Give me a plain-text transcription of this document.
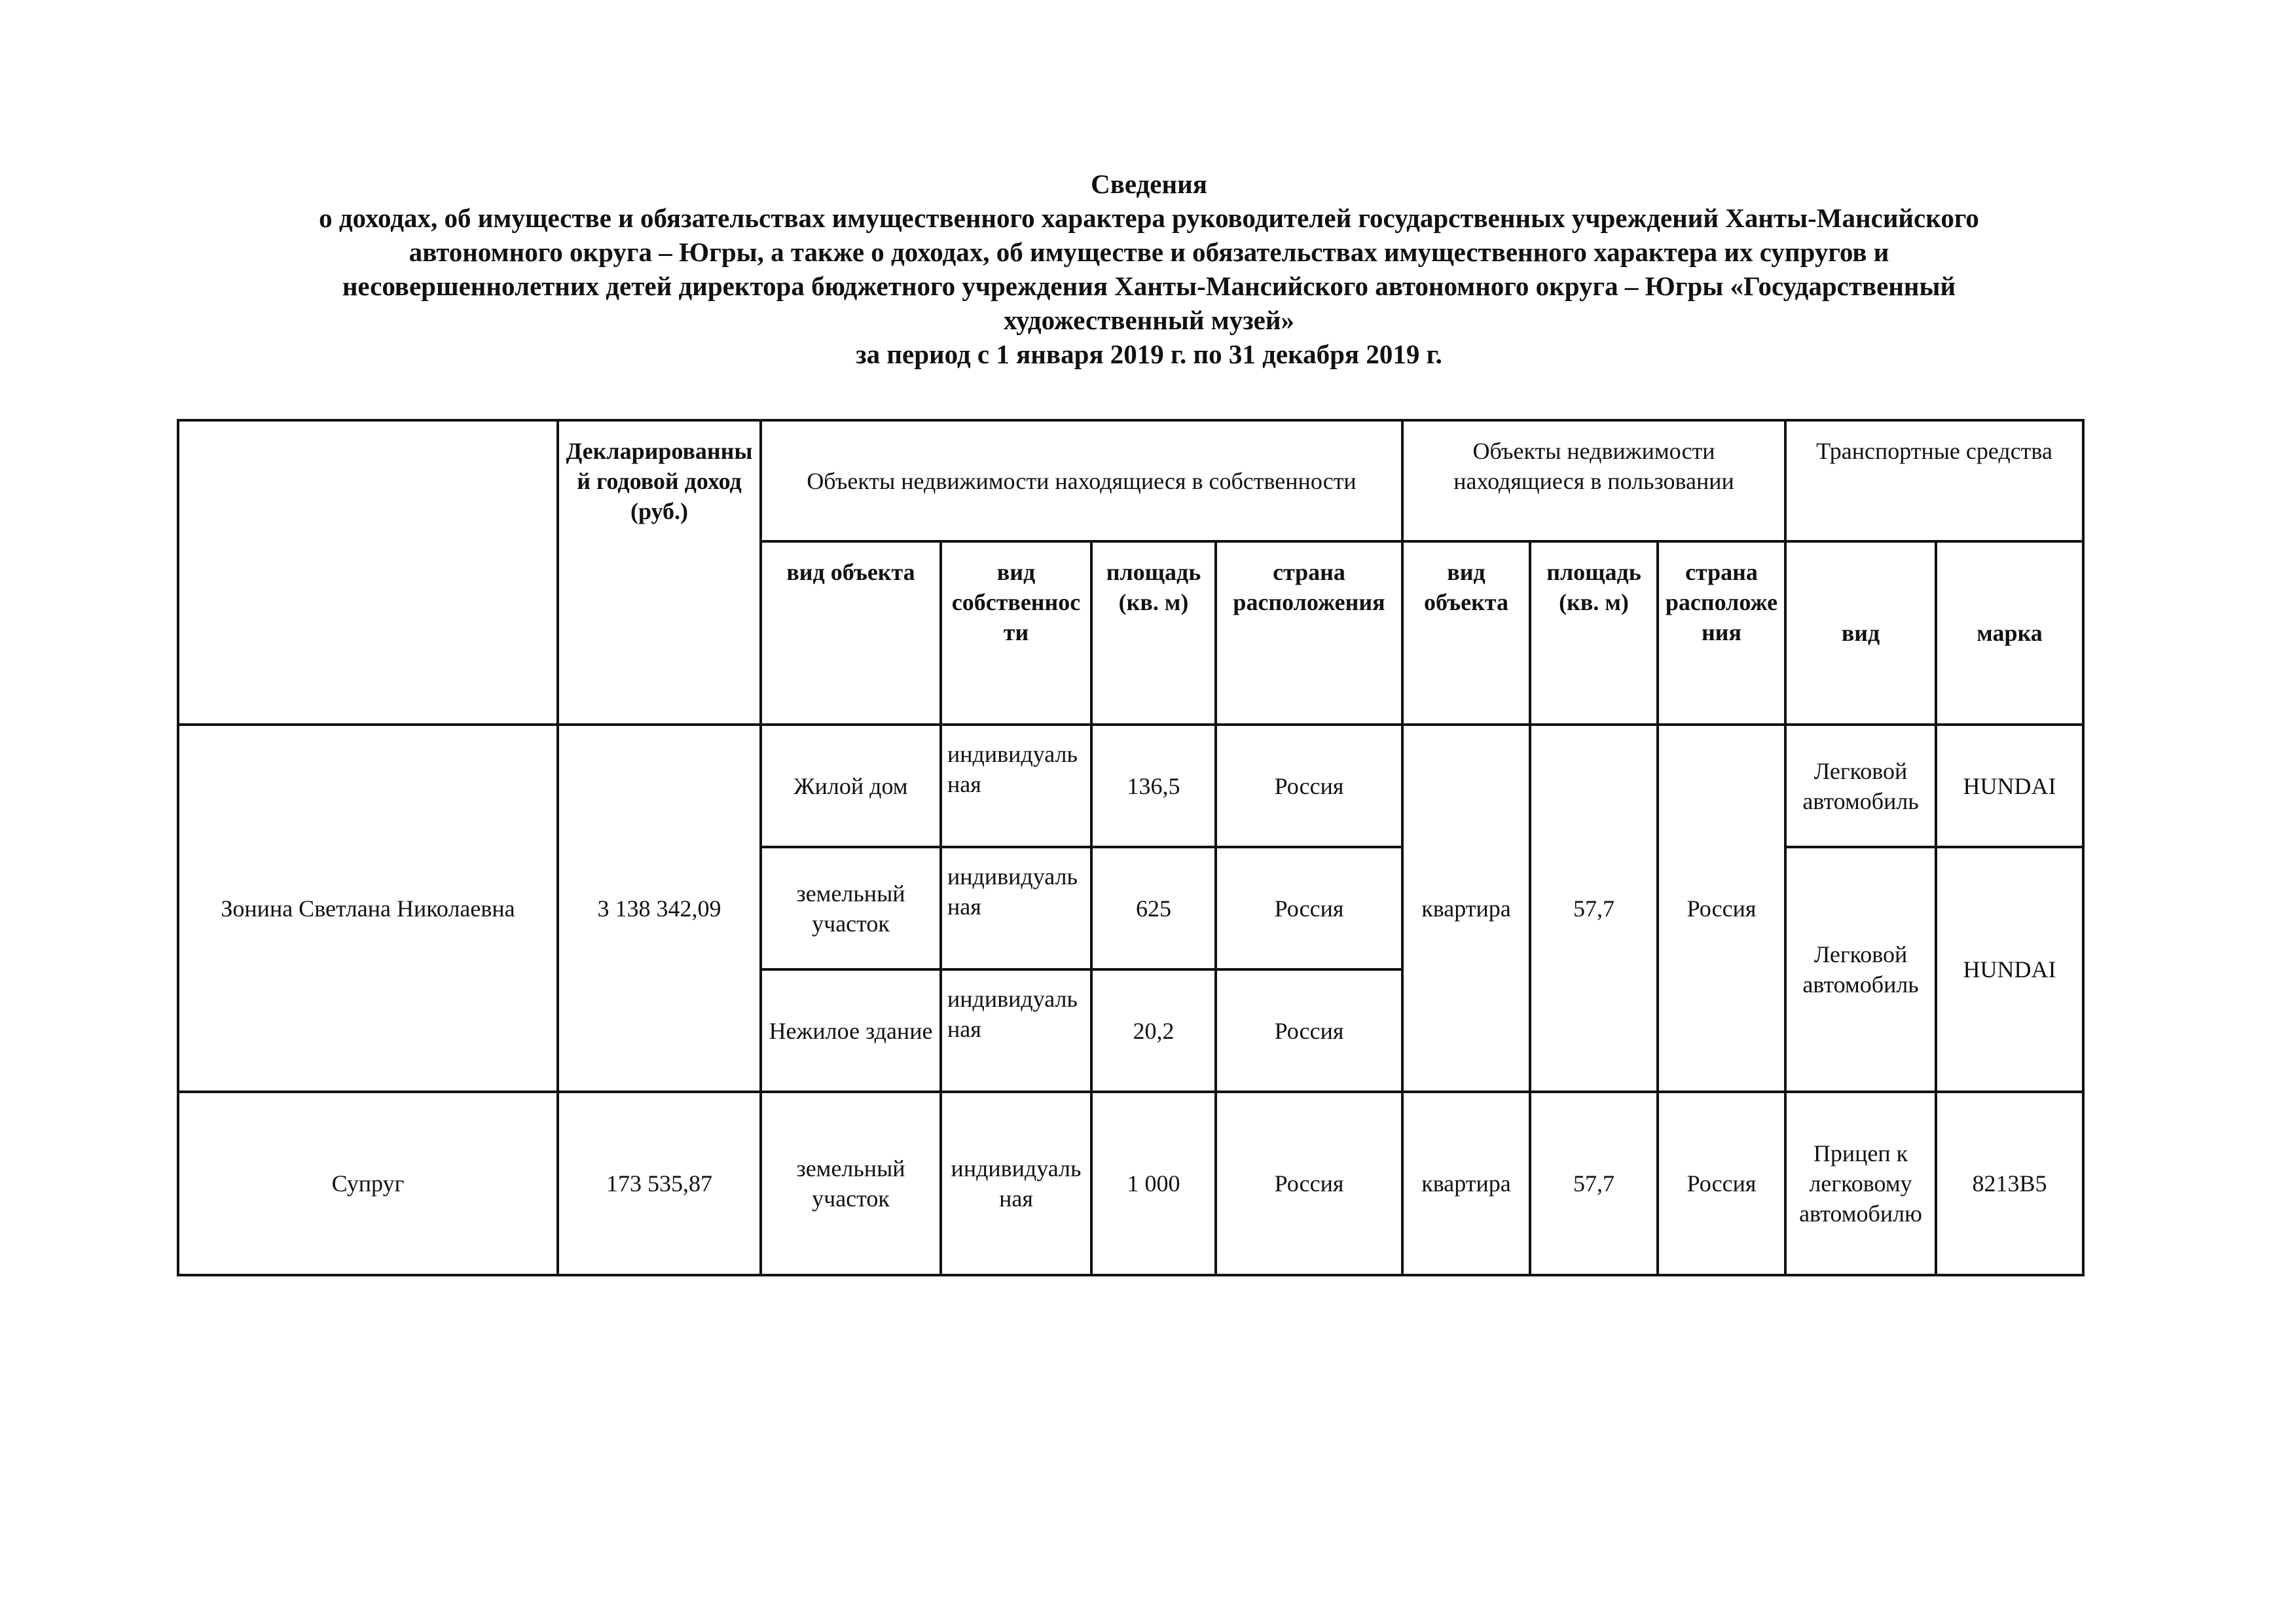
Сведения
о доходах, об имуществе и обязательствах имущественного характера руководителей государственных учреждений Ханты-Мансийского
автономного округа – Югры, а также о доходах, об имуществе и обязательствах имущественного характера их супругов и
несовершеннолетних детей директора бюджетного учреждения Ханты-Мансийского автономного округа – Югры «Государственный
художественный музей»
за период с 1 января 2019 г. по 31 декабря 2019 г.
	Декларированный годовой доход (руб.)	Объекты недвижимости находящиеся в собственности				Объекты недвижимости находящиеся в пользовании			Транспортные средства	
		вид объекта	вид собственности	площадь (кв. м)	страна расположения	вид объекта	площадь (кв. м)	страна расположения	вид	марка
Зонина Светлана Николаевна	3 138 342,09	Жилой дом	индивидуальная	136,5	Россия	квартира	57,7	Россия	Легковой автомобиль	HUNDAI
		земельный участок	индивидуальная	625	Россия				Легковой автомобиль	HUNDAI
		Нежилое здание	индивидуальная	20,2	Россия					
Супруг	173 535,87	земельный участок	индивидуальная	1 000	Россия	квартира	57,7	Россия	Прицеп к легковому автомобилю	8213В5
